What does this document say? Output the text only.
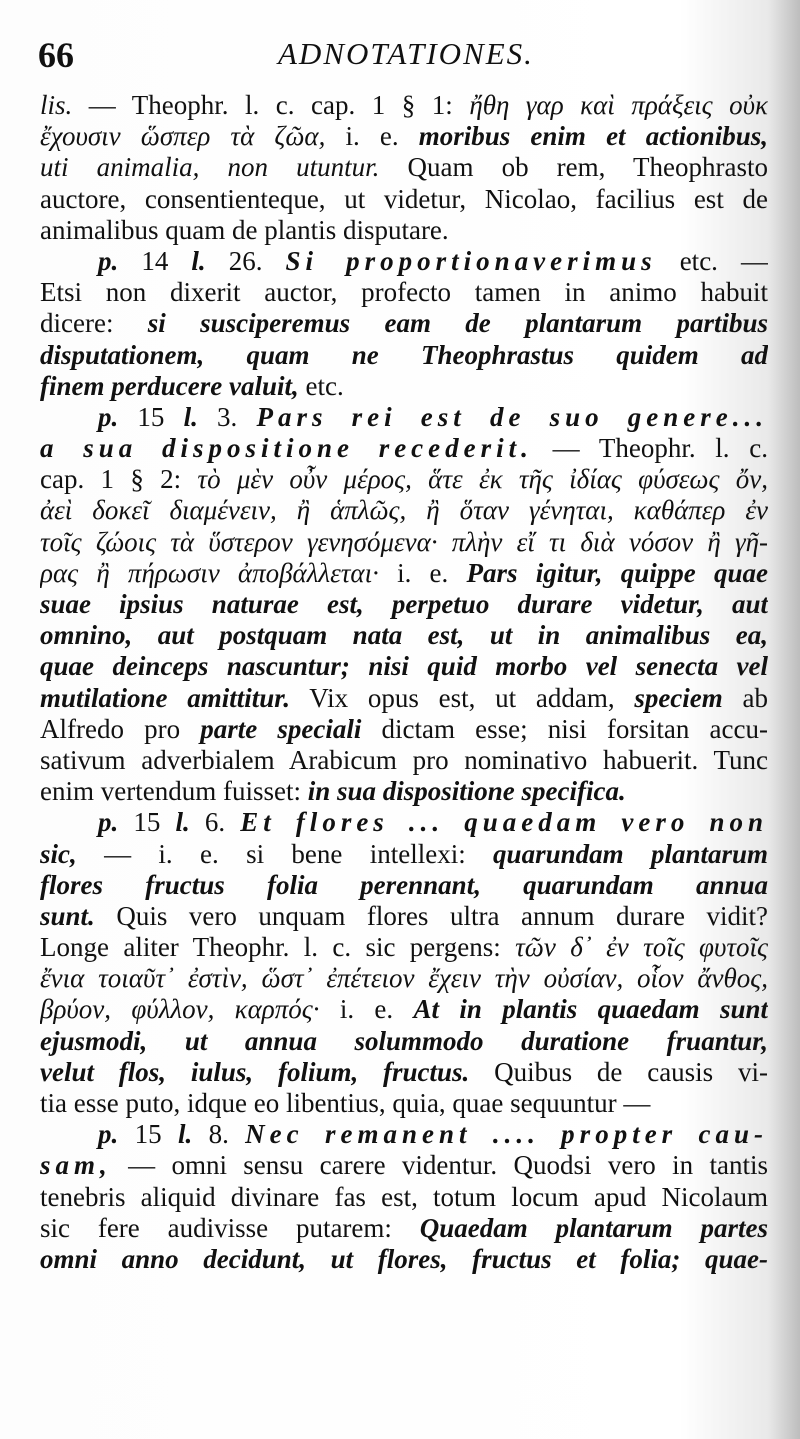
66	ADNOTATIONES.
lis. — Theophr. l. c. cap. 1 § 1: ἤθη γαρ καὶ πράξεις οὐκ
ἔχουσιν ὥσπερ τὰ ζῶα, i. e. moribus enim et actionibus,
uti animalia, non utuntur. Quam ob rem, Theophrasto
auctore, consentienteque, ut videtur, Nicolao, facilius est de
animalibus quam de plantis disputare.
p. 14 l. 26. Si proportionaverimus etc. —
Etsi non dixerit auctor, profecto tamen in animo habuit
dicere: si susciperemus eam de plantarum partibus
disputationem, quam ne Theophrastus quidem ad
finem perducere valuit, etc.
p. 15 l. 3. Pars rei est de suo genere...
a sua dispositione recederit. — Theophr. l. c.
cap. 1 § 2: τὸ μὲν οὖν μέρος, ἅτε ἐκ τῆς ἰδίας φύσεως ὄν,
ἀεὶ δοκεῖ διαμένειν, ἢ ἁπλῶς, ἢ ὅταν γένηται, καθάπερ ἐν
τοῖς ζώοις τὰ ὕστερον γενησόμενα· πλὴν εἴ τι διὰ νόσον ἢ γῆ-
ρας ἢ πήρωσιν ἀποβάλλεται· i. e. Pars igitur, quippe quae
suae ipsius naturae est, perpetuo durare videtur, aut
omnino, aut postquam nata est, ut in animalibus ea,
quae deinceps nascuntur; nisi quid morbo vel senecta vel
mutilatione amittitur. Vix opus est, ut addam, speciem ab
Alfredo pro parte speciali dictam esse; nisi forsitan accu-
sativum adverbialem Arabicum pro nominativo habuerit. Tunc
enim vertendum fuisset: in sua dispositione specifica.
p. 15 l. 6. Et flores ... quaedam vero non
sic, — i. e. si bene intellexi: quarundam plantarum
flores fructus folia perennant, quarundam annua
sunt. Quis vero unquam flores ultra annum durare vidit?
Longe aliter Theophr. l. c. sic pergens: τῶν δ᾽ ἐν τοῖς φυτοῖς
ἔνια τοιαῦτ᾽ ἐστὶν, ὥστ᾽ ἐπέτειον ἔχειν τὴν οὐσίαν, οἷον ἄνθος,
βρύον, φύλλον, καρπός· i. e. At in plantis quaedam sunt
ejusmodi, ut annua solummodo duratione fruantur,
velut flos, iulus, folium, fructus. Quibus de causis vi-
tia esse puto, idque eo libentius, quia, quae sequuntur —
p. 15 l. 8. Nec remanent .... propter cau-
sam, — omni sensu carere videntur. Quodsi vero in tantis
tenebris aliquid divinare fas est, totum locum apud Nicolaum
sic fere audivisse putarem: Quaedam plantarum partes
omni anno decidunt, ut flores, fructus et folia; quae-
